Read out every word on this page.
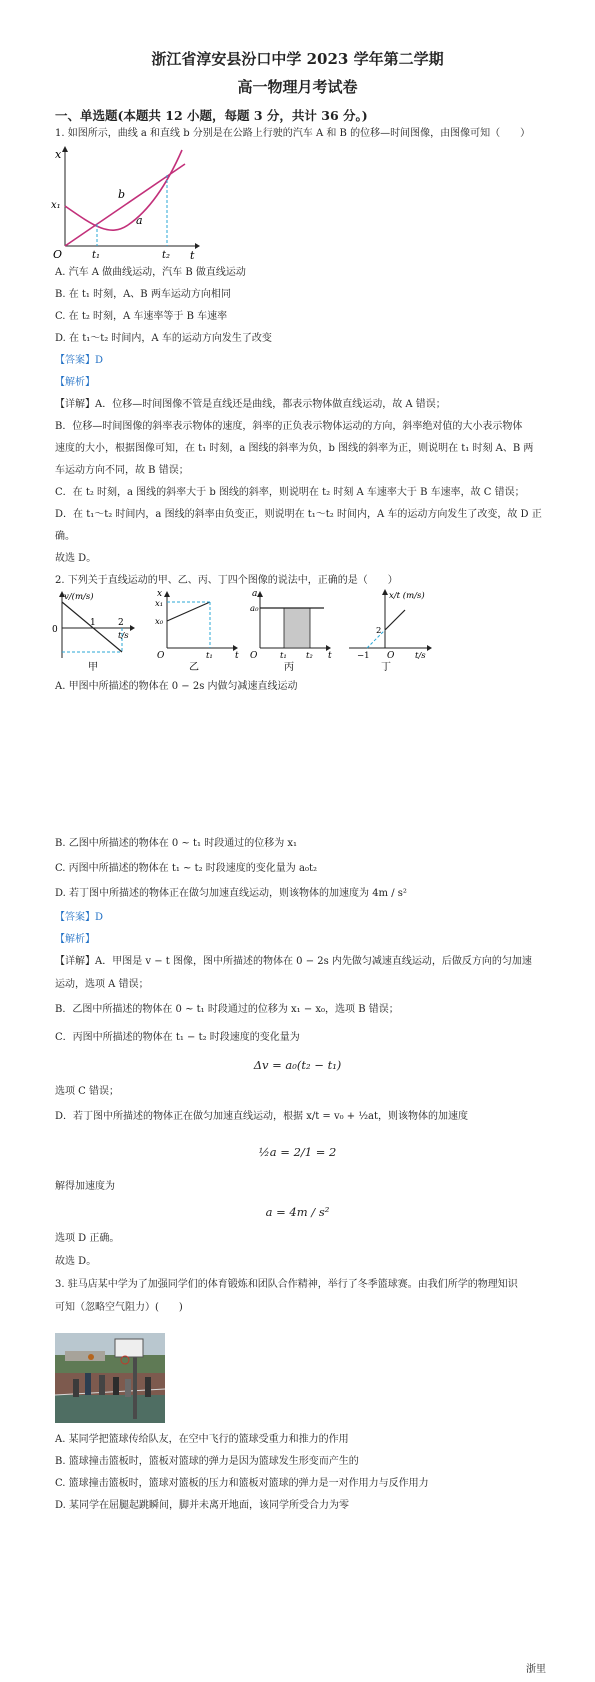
浙江省淳安县汾口中学 2023 学年第二学期
高一物理月考试卷
一、单选题(本题共 12 小题，每题 3 分，共计 36 分。)
1. 如图所示，曲线 a 和直线 b 分别是在公路上行驶的汽车 A 和 B 的位移—时间图像，由图像可知（　　）
x
t
O
x₁
t₁	t₂
a
b
A. 汽车 A 做曲线运动，汽车 B 做直线运动
B. 在 t₁ 时刻，A、B 两车运动方向相同
C. 在 t₂ 时刻，A 车速率等于 B 车速率
D. 在 t₁～t₂ 时间内，A 车的运动方向发生了改变
【答案】D
【解析】
【详解】A．位移—时间图像不管是直线还是曲线，都表示物体做直线运动，故 A 错误；
B．位移—时间图像的斜率表示物体的速度，斜率的正负表示物体运动的方向，斜率绝对值的大小表示物体
速度的大小，根据图像可知，在 t₁ 时刻，a 图线的斜率为负，b 图线的斜率为正，则说明在 t₁ 时刻 A、B 两
车运动方向不同，故 B 错误；
C．在 t₂ 时刻，a 图线的斜率大于 b 图线的斜率，则说明在 t₂ 时刻 A 车速率大于 B 车速率，故 C 错误；
D．在 t₁～t₂ 时间内，a 图线的斜率由负变正，则说明在 t₁～t₂ 时间内，A 车的运动方向发生了改变，故 D 正
确。
故选 D。
2. 下列关于直线运动的甲、乙、丙、丁四个图像的说法中，正确的是（　　）
v/(m/s)
t/s
0
1 2
甲
x
t
O
x₁
x₀
t₁
乙
a
t
O
a₀
t₁ t₂
丙
x/t (m/s)
t/s
O
−1
2
丁
A. 甲图中所描述的物体在 0 − 2s 内做匀减速直线运动
B. 乙图中所描述的物体在 0 ~ t₁ 时段通过的位移为 x₁
C. 丙图中所描述的物体在 t₁ ~ t₂ 时段速度的变化量为 a₀t₂
D. 若丁图中所描述的物体正在做匀加速直线运动，则该物体的加速度为 4m / s²
【答案】D
【解析】
【详解】A．甲图是 v − t 图像，图中所描述的物体在 0 − 2s 内先做匀减速直线运动，后做反方向的匀加速
运动，选项 A 错误；
B．乙图中所描述的物体在 0 ~ t₁ 时段通过的位移为 x₁ − x₀，选项 B 错误；
C．丙图中所描述的物体在 t₁ − t₂ 时段速度的变化量为
Δv = a₀(t₂ − t₁)
选项 C 错误；
D．若丁图中所描述的物体正在做匀加速直线运动，根据 x/t = v₀ + ½at，则该物体的加速度
½a = 2/1 = 2
解得加速度为
a = 4m / s²
选项 D 正确。
故选 D。
3. 驻马店某中学为了加强同学们的体育锻炼和团队合作精神，举行了冬季篮球赛。由我们所学的物理知识
可知（忽略空气阻力）(　　)
A. 某同学把篮球传给队友，在空中飞行的篮球受重力和推力的作用
B. 篮球撞击篮板时，篮板对篮球的弹力是因为篮球发生形变而产生的
C. 篮球撞击篮板时，篮球对篮板的压力和篮板对篮球的弹力是一对作用力与反作用力
D. 某同学在屈腿起跳瞬间，脚并未离开地面，该同学所受合力为零
浙里
